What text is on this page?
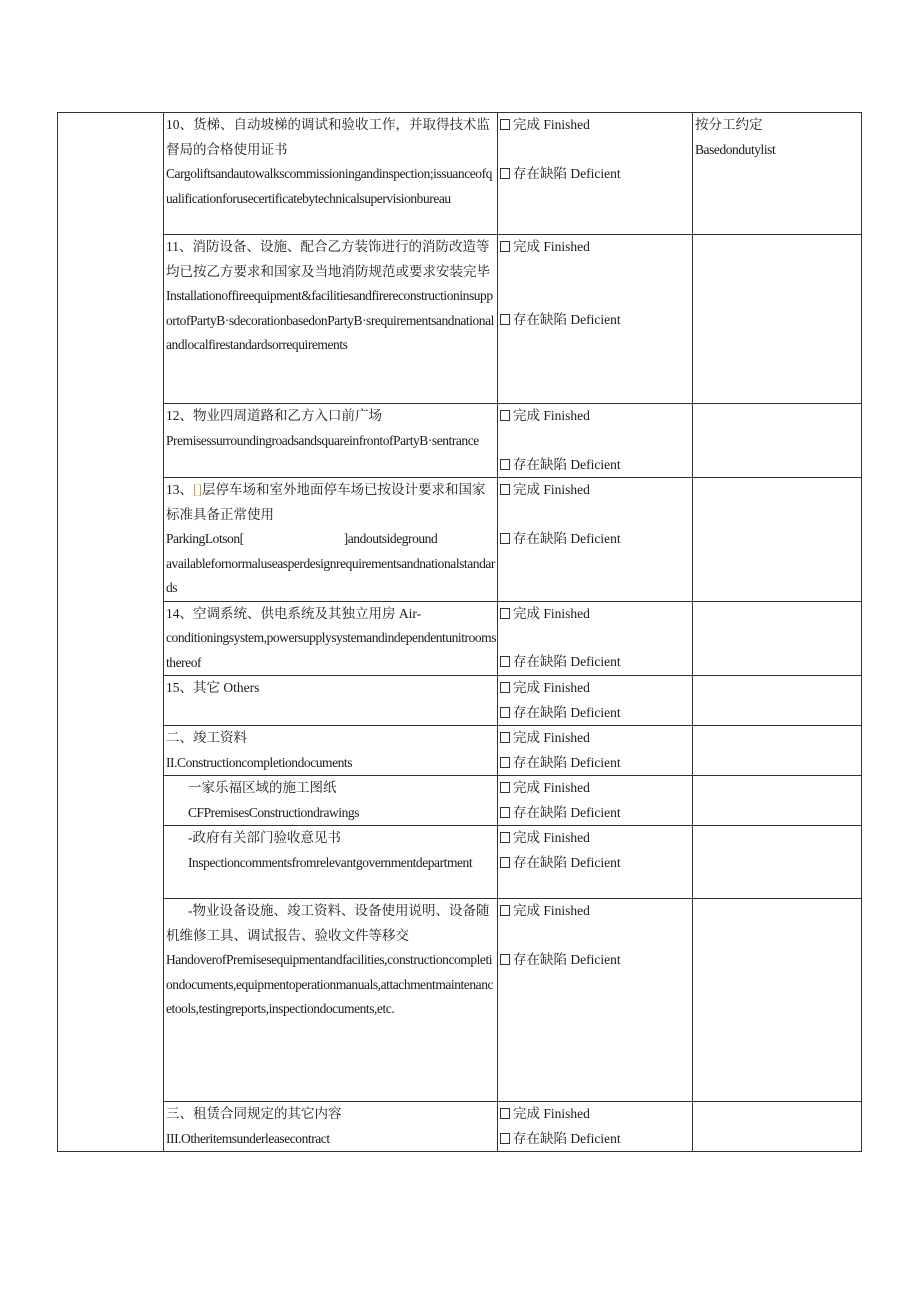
	10、货梯、自动坡梯的调试和验收工作，并取得技术监督局的合格使用证书
Cargoliftsandautowalkscommissioningandinspection;issuanceofqualificationforusecertificatebytechnicalsupervisionbureau	完成 Finished
存在缺陷 Deficient	按分工约定
Basedondutylist

	11、消防设备、设施、配合乙方装饰进行的消防改造等均已按乙方要求和国家及当地消防规范或要求安装完毕
Installationoffireequipment&facilitiesandfirereconstructioninsupportofPartyB·sdecorationbasedonPartyB·srequirementsandnationalandlocalfirestandardsorrequirements	完成 Finished
存在缺陷 Deficient	

	12、物业四周道路和乙方入口前广场
PremisessurroundingroadsandsquareinfrontofPartyB·sentrance	完成 Finished
存在缺陷 Deficient	

	13、[]层停车场和室外地面停车场已按设计要求和国家标准具备正常使用
ParkingLotson[ ]andoutsideground
availablefornormaluseasperdesignrequirementsandnationalstandards	完成 Finished
存在缺陷 Deficient	

	14、空调系统、供电系统及其独立用房 Air-
conditioningsystem,powersupplysystemandindependentunitroomsthereof	完成 Finished
存在缺陷 Deficient	

	15、其它 Others	完成 Finished
存在缺陷 Deficient	

	二、竣工资料
II.Constructioncompletiondocuments	完成 Finished
存在缺陷 Deficient	

	一家乐福区域的施工图纸
CFPremisesConstructiondrawings	完成 Finished
存在缺陷 Deficient	

	-政府有关部门验收意见书
Inspectioncommentsfromrelevantgovernmentdepartment	完成 Finished
存在缺陷 Deficient	

	-物业设备设施、竣工资料、设备使用说明、设备随机维修工具、调试报告、验收文件等移交
HandoverofPremisesequipmentandfacilities,constructioncompletiondocuments,equipmentoperationmanuals,attachmentmaintenancetools,testingreports,inspectiondocuments,etc.	完成 Finished
存在缺陷 Deficient	

	三、租赁合同规定的其它内容
III.Otheritemsunderleasecontract	完成 Finished
存在缺陷 Deficient	
